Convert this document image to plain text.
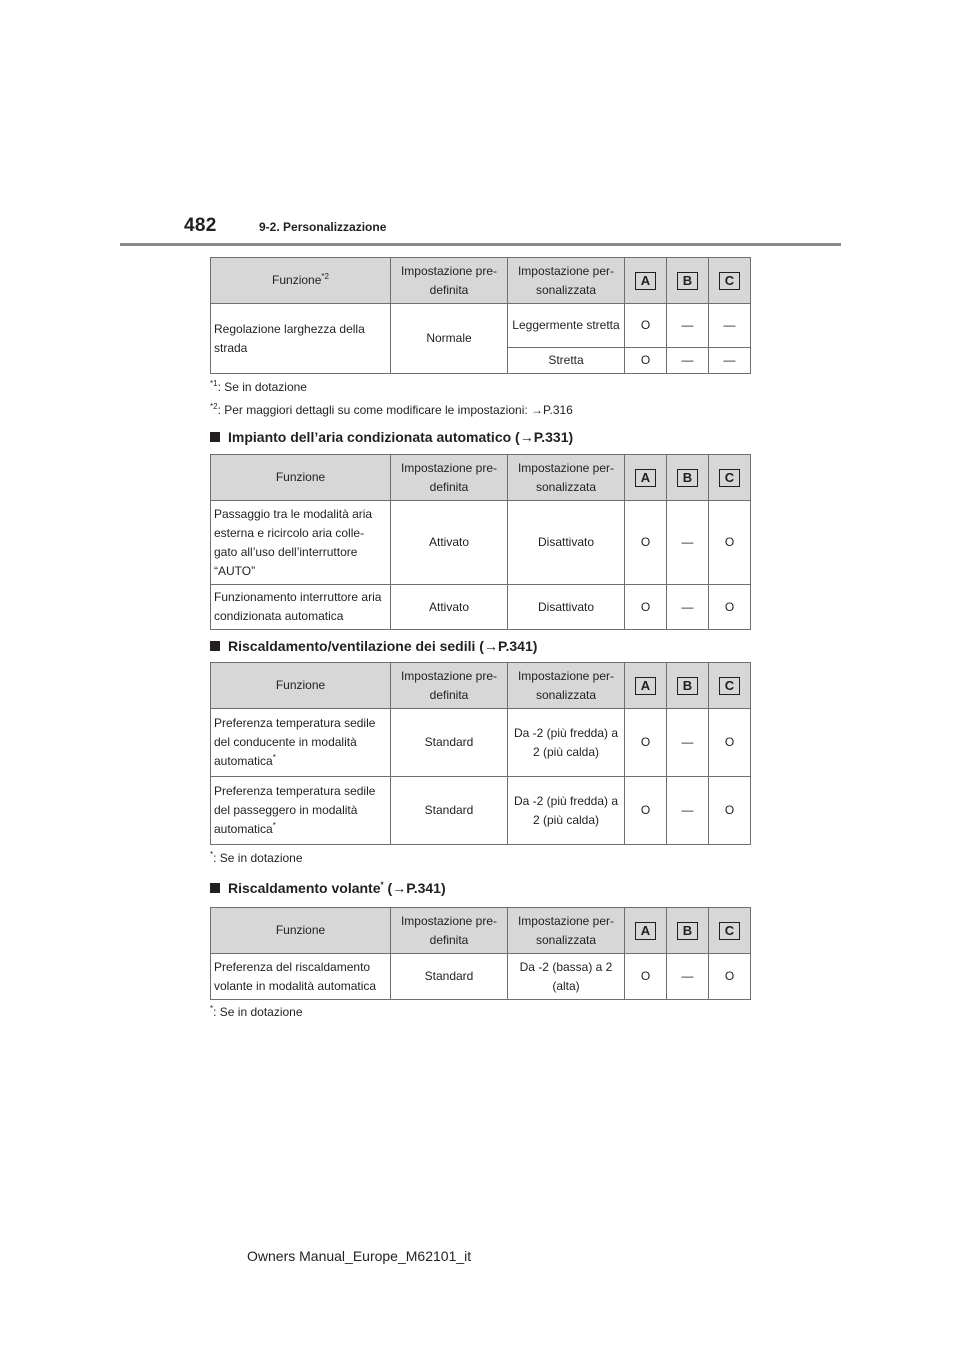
482	9-2. Personalizzazione
Funzione$^{*2}$	Impostazione pre-definita	Impostazione per-sonalizzata	A	B	C
Regolazione larghezza della strada	Normale	Leggermente stretta	O	—	—
		Stretta	O	—	—
$^{*1}$: Se in dotazione
$^{*2}$: Per maggiori dettagli su come modificare le impostazioni: →P.316
Impianto dell’aria condizionata automatico (→P.331)
Funzione	Impostazione pre-definita	Impostazione per-sonalizzata	A	B	C
Passaggio tra le modalità aria esterna e ricircolo aria colle-gato all’uso dell’interruttore “AUTO”	Attivato	Disattivato	O	—	O
Funzionamento interruttore aria condizionata automatica	Attivato	Disattivato	O	—	O
Riscaldamento/ventilazione dei sedili (→P.341)
Funzione	Impostazione pre-definita	Impostazione per-sonalizzata	A	B	C
Preferenza temperatura sedile del conducente in modalità automatica*	Standard	Da -2 (più fredda) a 2 (più calda)	O	—	O
Preferenza temperatura sedile del passeggero in modalità automatica*	Standard	Da -2 (più fredda) a 2 (più calda)	O	—	O
*: Se in dotazione
Riscaldamento volante* (→P.341)
Funzione	Impostazione pre-definita	Impostazione per-sonalizzata	A	B	C
Preferenza del riscaldamento volante in modalità automatica	Standard	Da -2 (bassa) a 2 (alta)	O	—	O
*: Se in dotazione
Owners Manual_Europe_M62101_it
